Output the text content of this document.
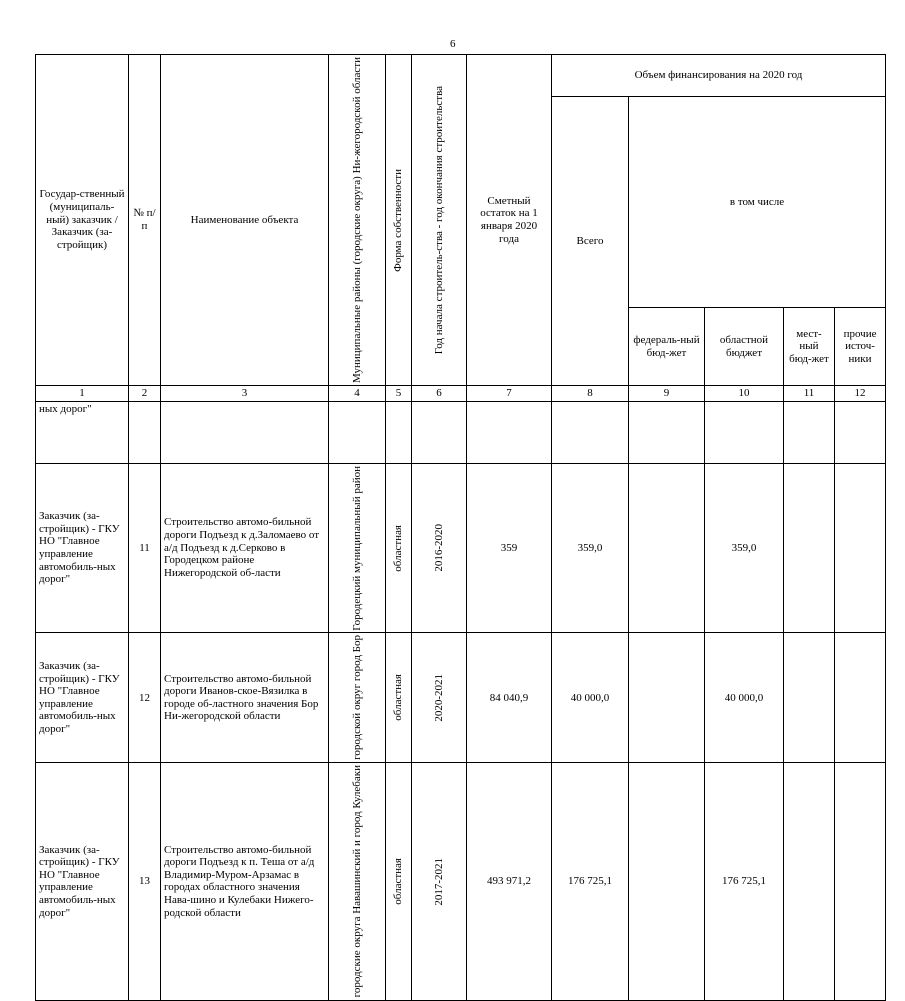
6
Государ-ственный (муниципаль-ный) заказчик /Заказчик (за-стройщик)	№ п/п	Наименование объекта	Муниципальные районы (городские округа) Ни-жегородской области	Форма собственности	Год начала строитель-ства - год окончания строительства	Сметный остаток на 1 января 2020 года	Объем финансирования на 2020 год				
							Всего	в том числе			
								федераль-ный бюд-жет	областной бюджет	мест-ный бюд-жет	прочие источ-ники
1	2	3	4	5	6	7	8	9	10	11	12
ных дорог"											
Заказчик (за-стройщик) - ГКУ НО "Главное управление автомобиль-ных дорог"	11	Строительство автомо-бильной дороги Подъезд к д.Заломаево от а/д Подъезд к д.Серково в Городецком районе Нижегородской об-ласти	Городецкий муниципальный район	областная	2016-2020	359	359,0		359,0		
Заказчик (за-стройщик) - ГКУ НО "Главное управление автомобиль-ных дорог"	12	Строительство автомо-бильной дороги Иванов-ское-Вязилка в городе об-ластного значения Бор Ни-жегородской области	городской округ город Бор	областная	2020-2021	84 040,9	40 000,0		40 000,0		
Заказчик (за-стройщик) - ГКУ НО "Главное управление автомобиль-ных дорог"	13	Строительство автомо-бильной дороги Подъезд к п. Теша от а/д Владимир-Муром-Арзамас в городах областного значения Нава-шино и Кулебаки Нижего-родской области	городские округа Навашинский и город Кулебаки	областная	2017-2021	493 971,2	176 725,1		176 725,1		
